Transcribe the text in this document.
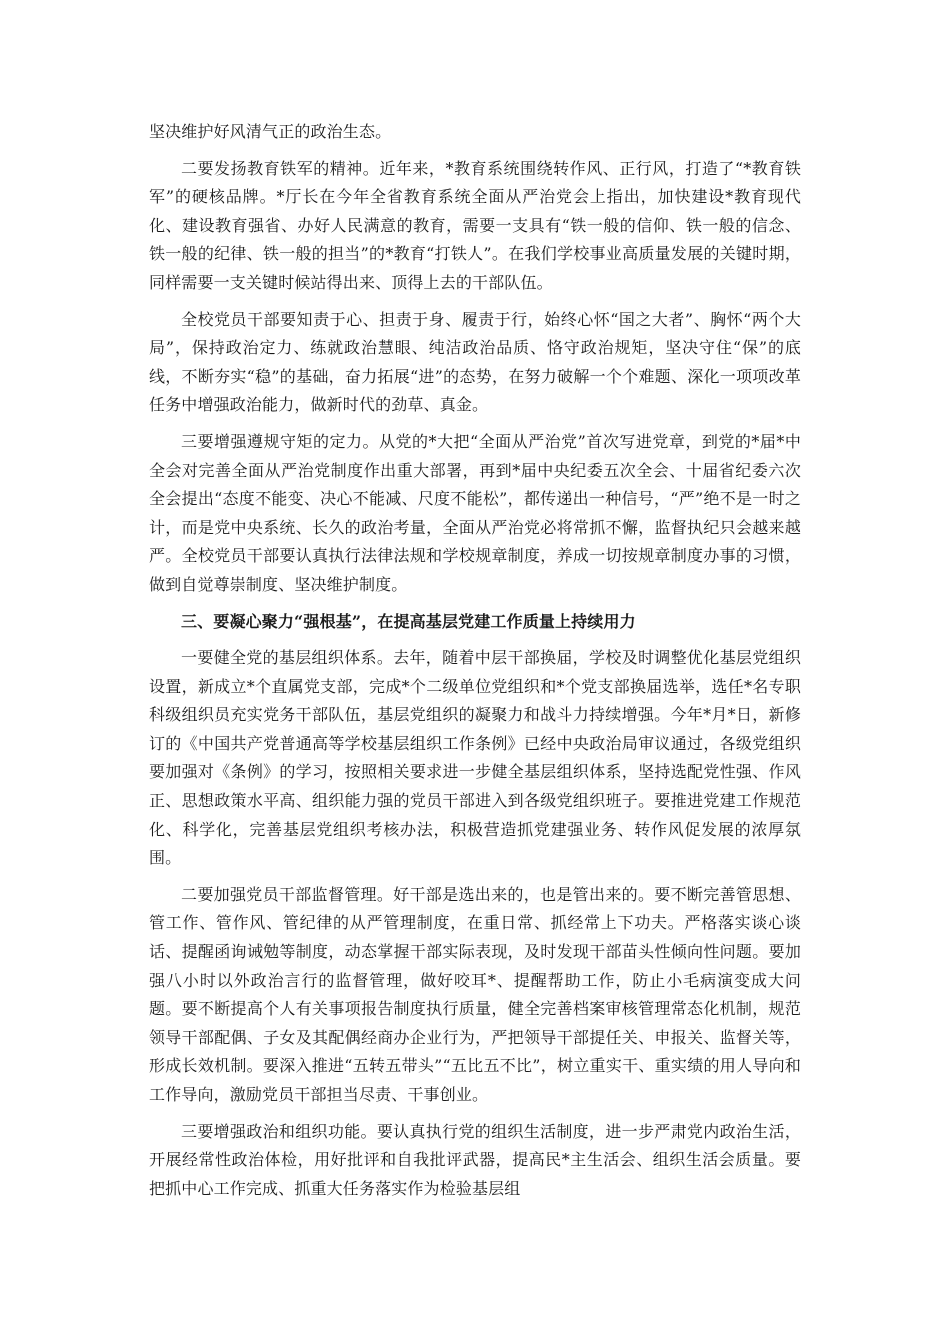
坚决维护好风清气正的政治生态。

二要发扬教育铁军的精神。近年来，*教育系统围绕转作风、正行风，打造了“*教育铁军”的硬核品牌。*厅长在今年全省教育系统全面从严治党会上指出，加快建设*教育现代化、建设教育强省、办好人民满意的教育，需要一支具有“铁一般的信仰、铁一般的信念、铁一般的纪律、铁一般的担当”的*教育“打铁人”。在我们学校事业高质量发展的关键时期，同样需要一支关键时候站得出来、顶得上去的干部队伍。

全校党员干部要知责于心、担责于身、履责于行，始终心怀“国之大者”、胸怀“两个大局”，保持政治定力、练就政治慧眼、纯洁政治品质、恪守政治规矩，坚决守住“保”的底线，不断夯实“稳”的基础，奋力拓展“进”的态势，在努力破解一个个难题、深化一项项改革任务中增强政治能力，做新时代的劲草、真金。

三要增强遵规守矩的定力。从党的*大把“全面从严治党”首次写进党章，到党的*届*中全会对完善全面从严治党制度作出重大部署，再到*届中央纪委五次全会、十届省纪委六次全会提出“态度不能变、决心不能减、尺度不能松”，都传递出一种信号，“严”绝不是一时之计，而是党中央系统、长久的政治考量，全面从严治党必将常抓不懈，监督执纪只会越来越严。全校党员干部要认真执行法律法规和学校规章制度，养成一切按规章制度办事的习惯，做到自觉尊崇制度、坚决维护制度。

三、要凝心聚力“强根基”，在提高基层党建工作质量上持续用力

一要健全党的基层组织体系。去年，随着中层干部换届，学校及时调整优化基层党组织设置，新成立*个直属党支部，完成*个二级单位党组织和*个党支部换届选举，选任*名专职科级组织员充实党务干部队伍，基层党组织的凝聚力和战斗力持续增强。今年*月*日，新修订的《中国共产党普通高等学校基层组织工作条例》已经中央政治局审议通过，各级党组织要加强对《条例》的学习，按照相关要求进一步健全基层组织体系，坚持选配党性强、作风正、思想政策水平高、组织能力强的党员干部进入到各级党组织班子。要推进党建工作规范化、科学化，完善基层党组织考核办法，积极营造抓党建强业务、转作风促发展的浓厚氛围。

二要加强党员干部监督管理。好干部是选出来的，也是管出来的。要不断完善管思想、管工作、管作风、管纪律的从严管理制度，在重日常、抓经常上下功夫。严格落实谈心谈话、提醒函询诫勉等制度，动态掌握干部实际表现，及时发现干部苗头性倾向性问题。要加强八小时以外政治言行的监督管理，做好咬耳*、提醒帮助工作，防止小毛病演变成大问题。要不断提高个人有关事项报告制度执行质量，健全完善档案审核管理常态化机制，规范领导干部配偶、子女及其配偶经商办企业行为，严把领导干部提任关、申报关、监督关等，形成长效机制。要深入推进“五转五带头”“五比五不比”，树立重实干、重实绩的用人导向和工作导向，激励党员干部担当尽责、干事创业。

三要增强政治和组织功能。要认真执行党的组织生活制度，进一步严肃党内政治生活，开展经常性政治体检，用好批评和自我批评武器，提高民*主生活会、组织生活会质量。要把抓中心工作完成、抓重大任务落实作为检验基层组
